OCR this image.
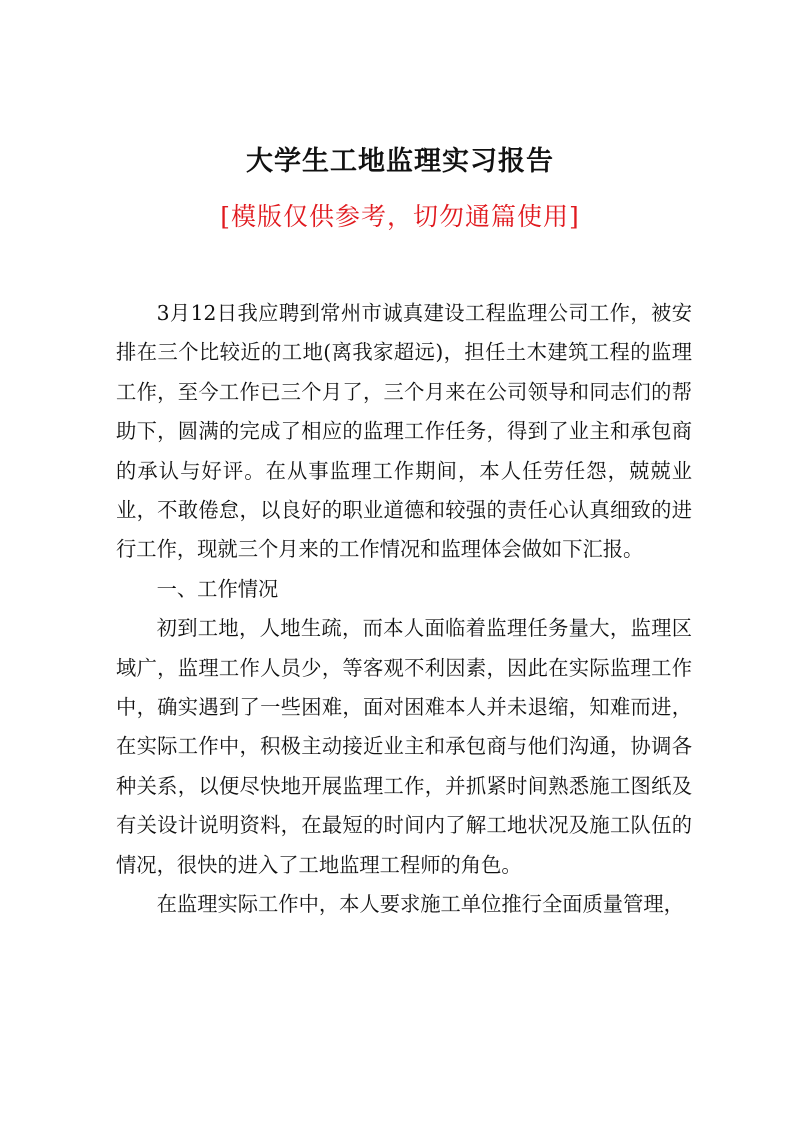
大学生工地监理实习报告
[模版仅供参考，切勿通篇使用]

3月12日我应聘到常州市诚真建设工程监理公司工作，被安排在三个比较近的工地(离我家超远)，担任土木建筑工程的监理工作，至今工作已三个月了，三个月来在公司领导和同志们的帮助下，圆满的完成了相应的监理工作任务，得到了业主和承包商的承认与好评。在从事监理工作期间，本人任劳任怨，兢兢业业，不敢倦怠，以良好的职业道德和较强的责任心认真细致的进行工作，现就三个月来的工作情况和监理体会做如下汇报。

一、工作情况

初到工地，人地生疏，而本人面临着监理任务量大，监理区域广，监理工作人员少，等客观不利因素，因此在实际监理工作中，确实遇到了一些困难，面对困难本人并未退缩，知难而进，在实际工作中，积极主动接近业主和承包商与他们沟通，协调各种关系，以便尽快地开展监理工作，并抓紧时间熟悉施工图纸及有关设计说明资料，在最短的时间内了解工地状况及施工队伍的情况，很快的进入了工地监理工程师的角色。

在监理实际工作中，本人要求施工单位推行全面质量管理，
